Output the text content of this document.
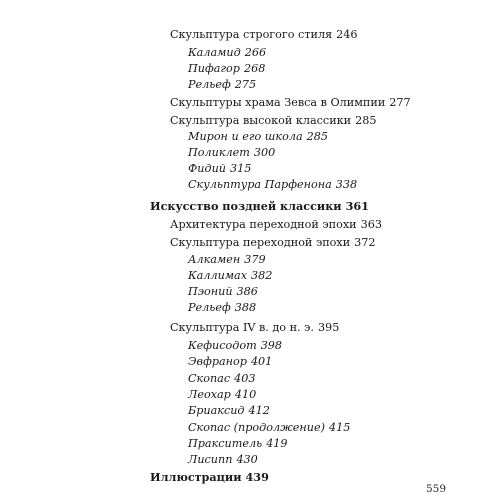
Скульптура строгого стиля 246
Каламид 266
Пифагор 268
Рельеф 275
Скульптуры храма Зевса в Олимпии 277
Скульптура высокой классики 285
Мирон и его школа 285
Поликлет 300
Фидий 315
Скульптура Парфенона 338
Искусство поздней классики 361
Архитектура переходной эпохи 363
Скульптура переходной эпохи 372
Алкамен 379
Каллимах 382
Пэоний 386
Рельеф 388
Скульптура IV в. до н. э. 395
Кефисодот 398
Эвфранор 401
Скопас 403
Леохар 410
Бриаксид 412
Скопас (продолжение) 415
Пракситель 419
Лисипп 430
Иллюстрации 439
559
